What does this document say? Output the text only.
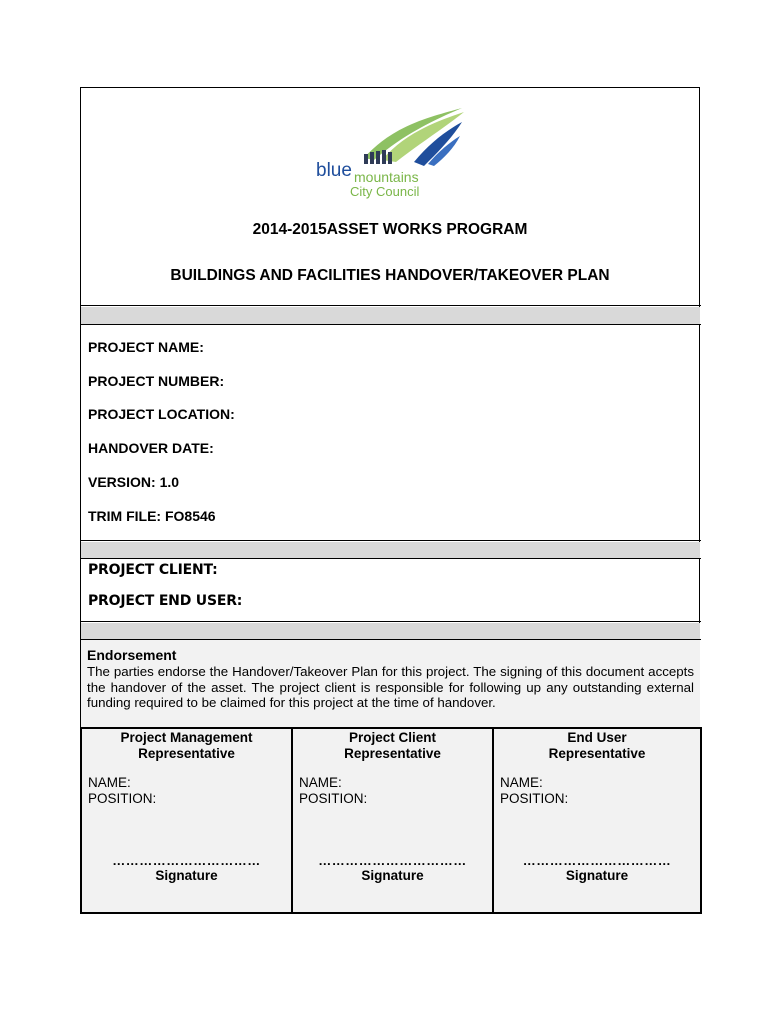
blue mountains
City Council
2014-2015ASSET WORKS PROGRAM
BUILDINGS AND FACILITIES HANDOVER/TAKEOVER PLAN
PROJECT NAME:
PROJECT NUMBER:
PROJECT LOCATION:
HANDOVER DATE:
VERSION: 1.0
TRIM FILE: FO8546
PROJECT CLIENT:
PROJECT END USER:
Endorsement
The parties endorse the Handover/Takeover Plan for this project. The signing of this document accepts the handover of the asset. The project client is responsible for following up any outstanding external funding required to be claimed for this project at the time of handover.
Project Management
Representative
NAME:
POSITION:
……………………………
Signature
Project Client
Representative
NAME:
POSITION:
……………………………
Signature
End User
Representative
NAME:
POSITION:
……………………………
Signature
